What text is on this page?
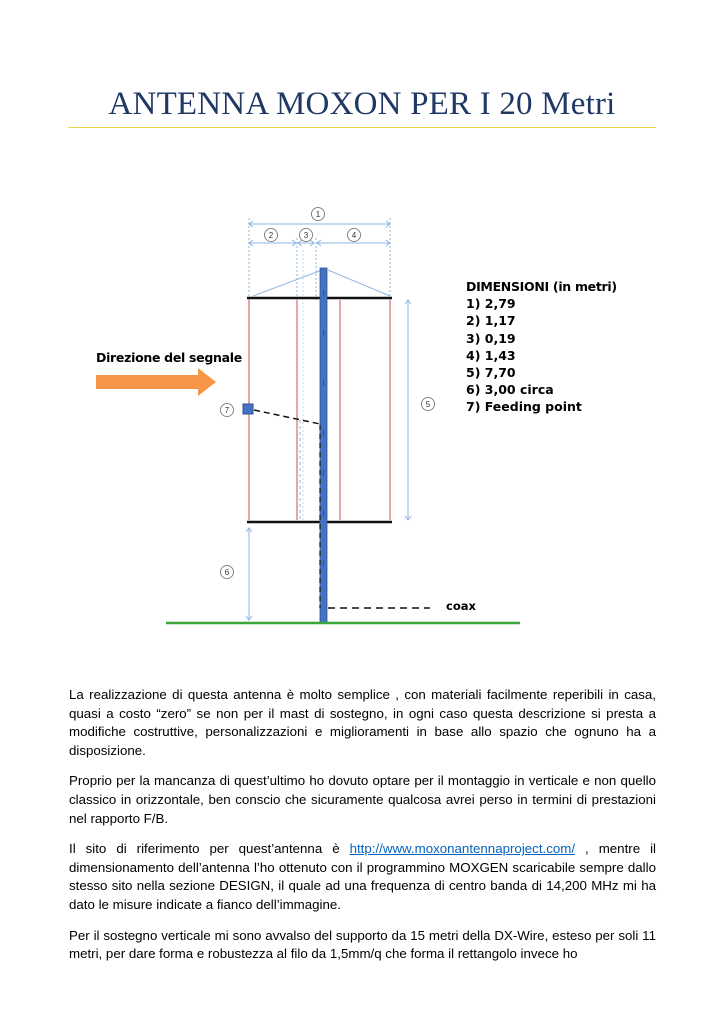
ANTENNA MOXON PER I 20 Metri
1
2	3	4
5
6
7
Direzione del segnale
coax
DIMENSIONI (in metri)
1) 2,79
2) 1,17
3) 0,19
4) 1,43
5) 7,70
6) 3,00 circa
7) Feeding point

La realizzazione di questa antenna è molto semplice , con materiali facilmente reperibili in casa, quasi a costo “zero” se non per il mast di sostegno, in ogni caso questa descrizione si presta a modifiche costruttive, personalizzazioni e miglioramenti in base allo spazio che ognuno ha a disposizione.

Proprio per la mancanza di quest’ultimo ho dovuto optare per il montaggio in verticale e non quello classico in orizzontale, ben conscio che sicuramente qualcosa avrei perso in termini di prestazioni nel rapporto F/B.

Il sito di riferimento per quest’antenna è http://www.moxonantennaproject.com/ , mentre il dimensionamento dell’antenna l’ho ottenuto con il programmino MOXGEN scaricabile sempre dallo stesso sito nella sezione DESIGN, il quale ad una frequenza di centro banda di 14,200 MHz mi ha dato le misure indicate a fianco dell’immagine.

Per il sostegno verticale mi sono avvalso del supporto da 15 metri della DX-Wire, esteso per soli 11 metri, per dare forma e robustezza al filo da 1,5mm/q che forma il rettangolo invece ho
